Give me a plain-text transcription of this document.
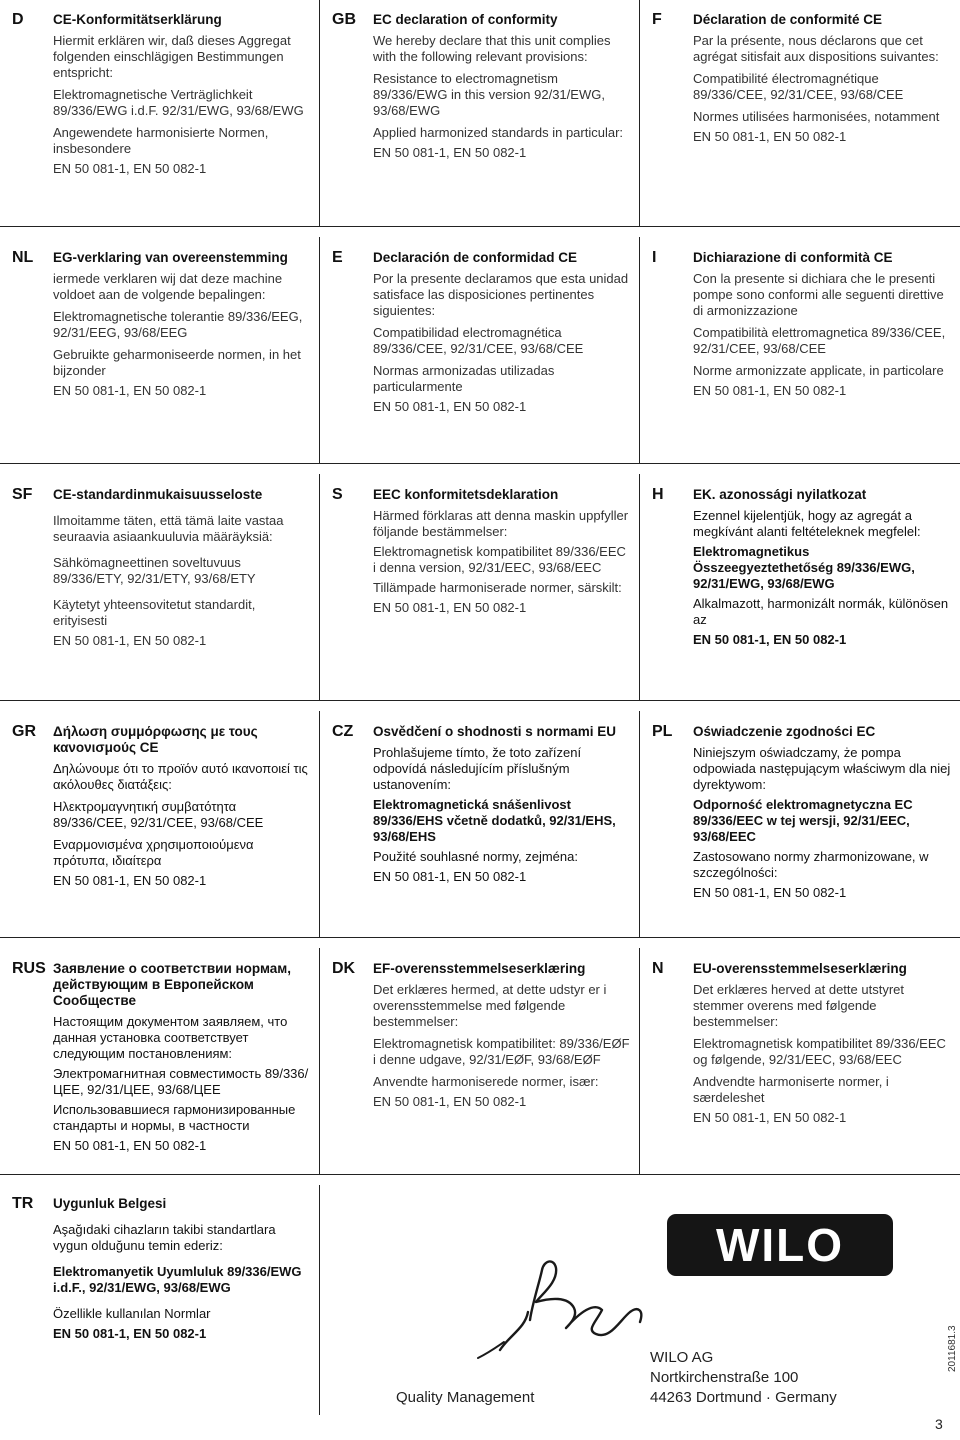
D CE-Konformitätserklärung
Hiermit erklären wir, daß dieses Aggregat folgenden einschlägigen Bestimmungen entspricht:
Elektromagnetische Verträglichkeit 89/336/EWG i.d.F. 92/31/EWG, 93/68/EWG
Angewendete harmonisierte Normen, insbesondere
EN 50 081-1, EN 50 082-1
GB EC declaration of conformity
We hereby declare that this unit complies with the following relevant provisions:
Resistance to electromagnetism 89/336/EWG in this version 92/31/EWG, 93/68/EWG
Applied harmonized standards in particular:
EN 50 081-1, EN 50 082-1
F Déclaration de conformité CE
Par la présente, nous déclarons que cet agrégat sitisfait aux dispositions suivantes:
Compatibilité électromagnétique 89/336/CEE, 92/31/CEE, 93/68/CEE
Normes utilisées harmonisées, notamment
EN 50 081-1, EN 50 082-1
NL EG-verklaring van overeenstemming
iermede verklaren wij dat deze machine voldoet aan de volgende bepalingen:
Elektromagnetische tolerantie 89/336/EEG, 92/31/EEG, 93/68/EEG
Gebruikte geharmoniseerde normen, in het bijzonder
EN 50 081-1, EN 50 082-1
E Declaración de conformidad CE
Por la presente declaramos que esta unidad satisface las disposiciones pertinentes siguientes:
Compatibilidad electromagnética 89/336/CEE, 92/31/CEE, 93/68/CEE
Normas armonizadas utilizadas particularmente
EN 50 081-1, EN 50 082-1
I	Dichiarazione di conformità CE
Con la presente si dichiara che le presenti pompe sono conformi alle seguenti direttive di armonizzazione
Compatibilità elettromagnetica 89/336/CEE, 92/31/CEE, 93/68/CEE
Norme armonizzate applicate, in particolare
EN 50 081-1, EN 50 082-1
SF CE-standardinmukaisuusseloste
Ilmoitamme täten, että tämä laite vastaa seuraavia asiaankuuluvia määräyksiä:
Sähkömagneettinen soveltuvuus 89/336/ETY, 92/31/ETY, 93/68/ETY
Käytetyt yhteensovitetut standardit, erityisesti
EN 50 081-1, EN 50 082-1
S EEC konformitetsdeklaration
Härmed förklaras att denna maskin uppfyller följande bestämmelser:
Elektromagnetisk kompatibilitet 89/336/EEC i denna version, 92/31/EEC, 93/68/EEC
Tillämpade harmoniserade normer, särskilt:
EN 50 081-1, EN 50 082-1
H EK. azonossági nyilatkozat
Ezennel kijelentjük, hogy az agregát a megkívánt alanti feltételeknek megfelel:
Elektromagnetikus Összeegyeztethetőség 89/336/EWG, 92/31/EWG, 93/68/EWG
Alkalmazott, harmonizált normák, különösen az
EN 50 081-1, EN 50 082-1
GR Δήλωση συμμόρφωσης με τους κανονισμούς CE
Δηλώνουμε ότι το προϊόν αυτό ικανοποιεί τις ακόλουθες διατάξεις:
Ηλεκτρομαγνητική συμβατότητα 89/336/CEE, 92/31/CEE, 93/68/CEE
Εναρμονισμένα χρησιμοποιούμενα πρότυπα, ιδιαίτερα
EN 50 081-1, EN 50 082-1
CZ Osvědčení o shodnosti s normami EU
Prohlašujeme tímto, že toto zařízení odpovídá následujícím příslušným ustanovením:
Elektromagnetická snášenlivost 89/336/EHS včetně dodatků, 92/31/EHS, 93/68/EHS
Použité souhlasné normy, zejména:
EN 50 081-1, EN 50 082-1
PL Oświadczenie zgodności EC
Niniejszym oświadczamy, że pompa odpowiada następującym właściwym dla niej dyrektywom:
Odporność elektromagnetyczna EC 89/336/EEC w tej wersji, 92/31/EEC, 93/68/EEC
Zastosowano normy zharmonizowane, w szczególności:
EN 50 081-1, EN 50 082-1
RUS Заявление о соответствии нормам, действующим в Европейском Сообществе
Настоящим документом заявляем, что данная установка соответствует следующим постановлениям:
Электромагнитная совместимость 89/336/ЦЕЕ, 92/31/ЦЕЕ, 93/68/ЦЕЕ
Использовавшиеся гармонизированные стандарты и нормы, в частности
EN 50 081-1, EN 50 082-1
DK EF-overensstemmelseserklæring
Det erklæres hermed, at dette udstyr er i overensstemmelse med følgende bestemmelser:
Elektromagnetisk kompatibilitet: 89/336/EØF i denne udgave, 92/31/EØF, 93/68/EØF
Anvendte harmoniserede normer, især:
EN 50 081-1, EN 50 082-1
N EU-overensstemmelseserklæring
Det erklæres herved at dette utstyret stemmer overens med følgende bestemmelser:
Elektromagnetisk kompatibilitet 89/336/EEC og følgende, 92/31/EEC, 93/68/EEC
Andvendte harmoniserte normer, i særdeleshet
EN 50 081-1, EN 50 082-1
TR Uygunluk Belgesi
Aşağıdaki cihazların takibi standartlara vygun olduğunu temin ederiz:
Elektromanyetik Uyumluluk 89/336/EWG i.d.F., 92/31/EWG, 93/68/EWG
Özellikle kullanılan Normlar
EN 50 081-1, EN 50 082-1
WILO
Quality Management
WILO AG
Nortkirchenstraße 100
44263 Dortmund · Germany
2011681.3
3
